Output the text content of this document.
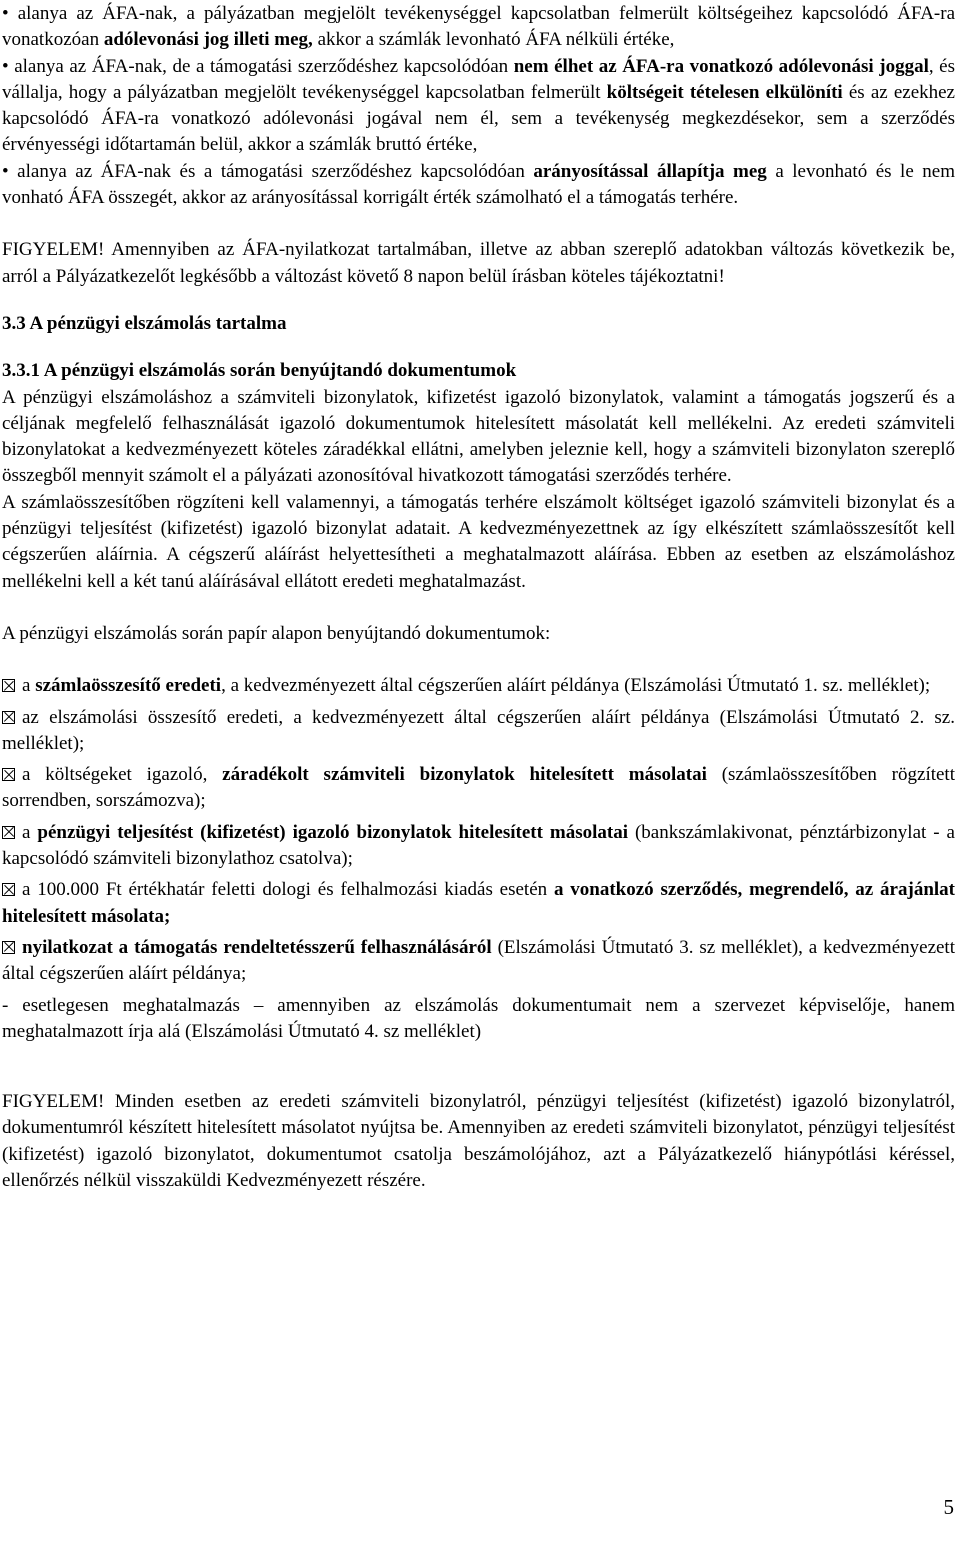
• alanya az ÁFA-nak, a pályázatban megjelölt tevékenységgel kapcsolatban felmerült költségeihez kapcsolódó ÁFA-ra vonatkozóan adólevonási jog illeti meg, akkor a számlák levonható ÁFA nélküli értéke,

• alanya az ÁFA-nak, de a támogatási szerződéshez kapcsolódóan nem élhet az ÁFA-ra vonatkozó adólevonási joggal, és vállalja, hogy a pályázatban megjelölt tevékenységgel kapcsolatban felmerült költségeit tételesen elkülöníti és az ezekhez kapcsolódó ÁFA-ra vonatkozó adólevonási jogával nem él, sem a tevékenység megkezdésekor, sem a szerződés érvényességi időtartamán belül, akkor a számlák bruttó értéke,

• alanya az ÁFA-nak és a támogatási szerződéshez kapcsolódóan arányosítással állapítja meg a levonható és le nem vonható ÁFA összegét, akkor az arányosítással korrigált érték számolható el a támogatás terhére.

FIGYELEM! Amennyiben az ÁFA-nyilatkozat tartalmában, illetve az abban szereplő adatokban változás következik be, arról a Pályázatkezelőt legkésőbb a változást követő 8 napon belül írásban köteles tájékoztatni!

3.3 A pénzügyi elszámolás tartalma

3.3.1 A pénzügyi elszámolás során benyújtandó dokumentumok

A pénzügyi elszámoláshoz a számviteli bizonylatok, kifizetést igazoló bizonylatok, valamint a támogatás jogszerű és a céljának megfelelő felhasználását igazoló dokumentumok hitelesített másolatát kell mellékelni. Az eredeti számviteli bizonylatokat a kedvezményezett köteles záradékkal ellátni, amelyben jeleznie kell, hogy a számviteli bizonylaton szereplő összegből mennyit számolt el a pályázati azonosítóval hivatkozott támogatási szerződés terhére.

A számlaösszesítőben rögzíteni kell valamennyi, a támogatás terhére elszámolt költséget igazoló számviteli bizonylat és a pénzügyi teljesítést (kifizetést) igazoló bizonylat adatait. A kedvezményezettnek az így elkészített számlaösszesítőt kell cégszerűen aláírnia. A cégszerű aláírást helyettesítheti a meghatalmazott aláírása. Ebben az esetben az elszámoláshoz mellékelni kell a két tanú aláírásával ellátott eredeti meghatalmazást.

A pénzügyi elszámolás során papír alapon benyújtandó dokumentumok:

a számlaösszesítő eredeti, a kedvezményezett által cégszerűen aláírt példánya (Elszámolási Útmutató 1. sz. melléklet);

az elszámolási összesítő eredeti, a kedvezményezett által cégszerűen aláírt példánya (Elszámolási Útmutató 2. sz. melléklet);

a költségeket igazoló, záradékolt számviteli bizonylatok hitelesített másolatai (számlaösszesítőben rögzített sorrendben, sorszámozva);

a pénzügyi teljesítést (kifizetést) igazoló bizonylatok hitelesített másolatai (bankszámlakivonat, pénztárbizonylat - a kapcsolódó számviteli bizonylathoz csatolva);

a 100.000 Ft értékhatár feletti dologi és felhalmozási kiadás esetén a vonatkozó szerződés, megrendelő, az árajánlat hitelesített másolata;

nyilatkozat a támogatás rendeltetésszerű felhasználásáról (Elszámolási Útmutató 3. sz melléklet), a kedvezményezett által cégszerűen aláírt példánya;

- esetlegesen meghatalmazás – amennyiben az elszámolás dokumentumait nem a szervezet képviselője, hanem meghatalmazott írja alá (Elszámolási Útmutató 4. sz melléklet)

FIGYELEM! Minden esetben az eredeti számviteli bizonylatról, pénzügyi teljesítést (kifizetést) igazoló bizonylatról, dokumentumról készített hitelesített másolatot nyújtsa be. Amennyiben az eredeti számviteli bizonylatot, pénzügyi teljesítést (kifizetést) igazoló bizonylatot, dokumentumot csatolja beszámolójához, azt a Pályázatkezelő hiánypótlási kéréssel, ellenőrzés nélkül visszaküldi Kedvezményezett részére.

5
